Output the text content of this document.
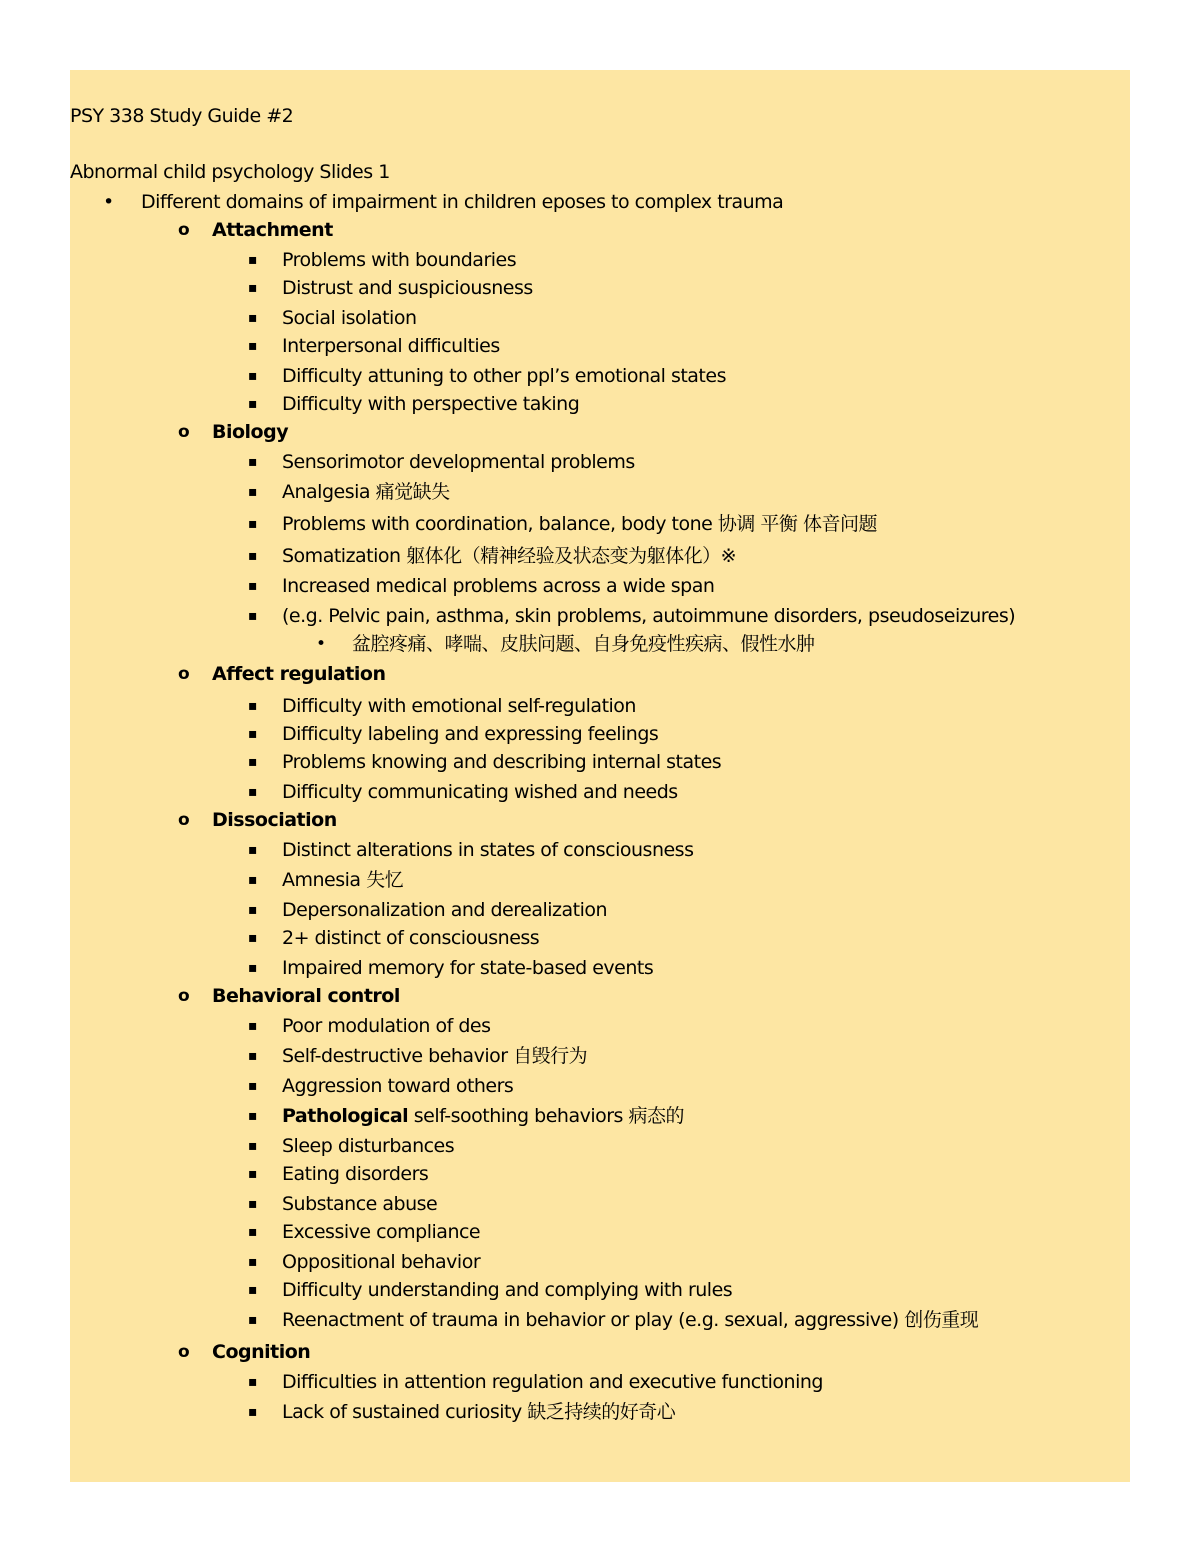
PSY 338 Study Guide #2
Abnormal child psychology Slides 1
• Different domains of impairment in children eposes to complex trauma
o Attachment
▪ Problems with boundaries
▪ Distrust and suspiciousness
▪ Social isolation
▪ Interpersonal difficulties
▪ Difficulty attuning to other ppl’s emotional states
▪ Difficulty with perspective taking
o Biology
▪ Sensorimotor developmental problems
▪ Analgesia 痛觉缺失
▪ Problems with coordination, balance, body tone 协调 平衡 体音问题
▪ Somatization 躯体化（精神经验及状态变为躯体化）※
▪ Increased medical problems across a wide span
▪ (e.g. Pelvic pain, asthma, skin problems, autoimmune disorders, pseudoseizures)
• 盆腔疼痛、哮喘、皮肤问题、自身免疫性疾病、假性水肿
o Affect regulation
▪ Difficulty with emotional self-regulation
▪ Difficulty labeling and expressing feelings
▪ Problems knowing and describing internal states
▪ Difficulty communicating wished and needs
o Dissociation
▪ Distinct alterations in states of consciousness
▪ Amnesia 失忆
▪ Depersonalization and derealization
▪ 2+ distinct of consciousness
▪ Impaired memory for state-based events
o Behavioral control
▪ Poor modulation of des
▪ Self-destructive behavior 自毁行为
▪ Aggression toward others
▪ Pathological self-soothing behaviors 病态的
▪ Sleep disturbances
▪ Eating disorders
▪ Substance abuse
▪ Excessive compliance
▪ Oppositional behavior
▪ Difficulty understanding and complying with rules
▪ Reenactment of trauma in behavior or play (e.g. sexual, aggressive) 创伤重现
o Cognition
▪ Difficulties in attention regulation and executive functioning
▪ Lack of sustained curiosity 缺乏持续的好奇心
